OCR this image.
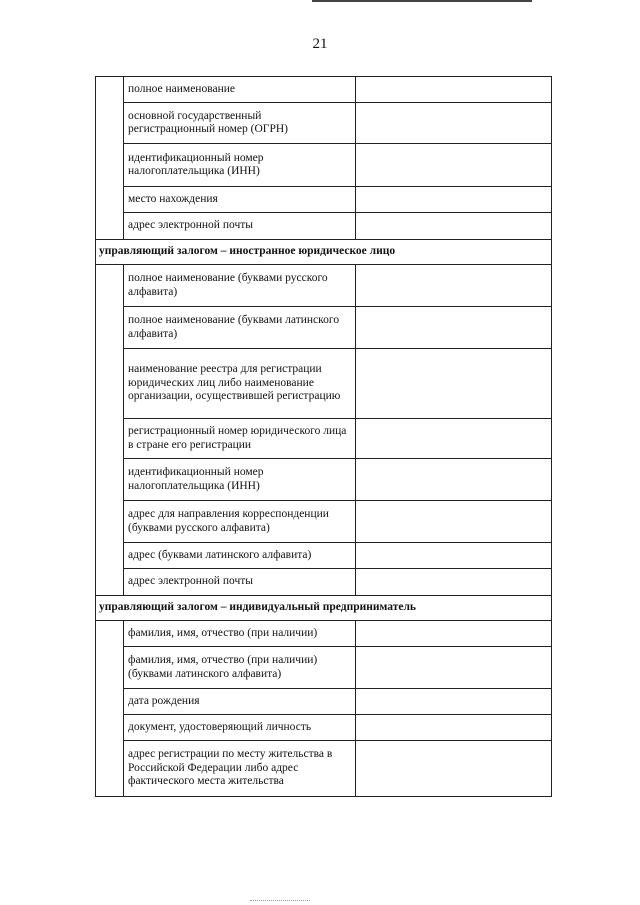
21
	полное наименование	
	основной государственный регистрационный номер (ОГРН)	
	идентификационный номер налогоплательщика (ИНН)	
	место нахождения	
	адрес электронной почты	
управляющий залогом – иностранное юридическое лицо		
	полное наименование (буквами русского алфавита)	
	полное наименование (буквами латинского алфавита)	
	наименование реестра для регистрации юридических лиц либо наименование организации, осуществившей регистрацию	
	регистрационный номер юридического лица в стране его регистрации	
	идентификационный номер налогоплательщика (ИНН)	
	адрес для направления корреспонденции (буквами русского алфавита)	
	адрес (буквами латинского алфавита)	
	адрес электронной почты	
управляющий залогом – индивидуальный предприниматель		
	фамилия, имя, отчество (при наличии)	
	фамилия, имя, отчество (при наличии) (буквами латинского алфавита)	
	дата рождения	
	документ, удостоверяющий личность	
	адрес регистрации по месту жительства в Российской Федерации либо адрес фактического места жительства	
